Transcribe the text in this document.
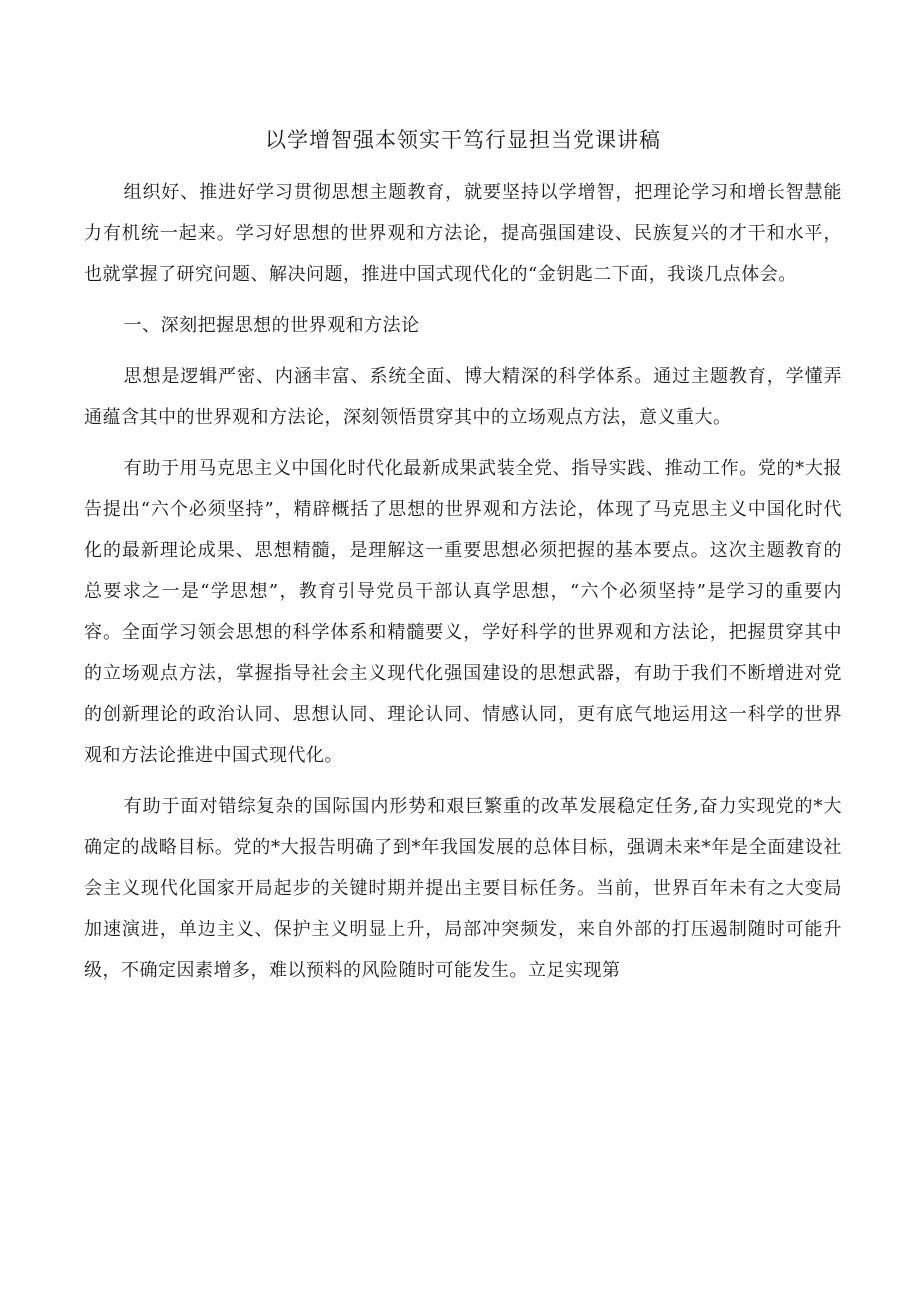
以学增智强本领实干笃行显担当党课讲稿

组织好、推进好学习贯彻思想主题教育，就要坚持以学增智，把理论学习和增长智慧能力有机统一起来。学习好思想的世界观和方法论，提高强国建设、民族复兴的才干和水平，也就掌握了研究问题、解决问题，推进中国式现代化的“金钥匙二下面，我谈几点体会。

一、深刻把握思想的世界观和方法论

思想是逻辑严密、内涵丰富、系统全面、博大精深的科学体系。通过主题教育，学懂弄通蕴含其中的世界观和方法论，深刻领悟贯穿其中的立场观点方法，意义重大。

有助于用马克思主义中国化时代化最新成果武装全党、指导实践、推动工作。党的*大报告提出“六个必须坚持”，精辟概括了思想的世界观和方法论，体现了马克思主义中国化时代化的最新理论成果、思想精髓，是理解这一重要思想必须把握的基本要点。这次主题教育的总要求之一是“学思想”，教育引导党员干部认真学思想，“六个必须坚持”是学习的重要内容。全面学习领会思想的科学体系和精髓要义，学好科学的世界观和方法论，把握贯穿其中的立场观点方法，掌握指导社会主义现代化强国建设的思想武器，有助于我们不断增进对党的创新理论的政治认同、思想认同、理论认同、情感认同，更有底气地运用这一科学的世界观和方法论推进中国式现代化。

有助于面对错综复杂的国际国内形势和艰巨繁重的改革发展稳定任务,奋力实现党的*大确定的战略目标。党的*大报告明确了到*年我国发展的总体目标，强调未来*年是全面建设社会主义现代化国家开局起步的关键时期并提出主要目标任务。当前，世界百年未有之大变局加速演进，单边主义、保护主义明显上升，局部冲突频发，来自外部的打压遏制随时可能升级，不确定因素增多，难以预料的风险随时可能发生。立足实现第
